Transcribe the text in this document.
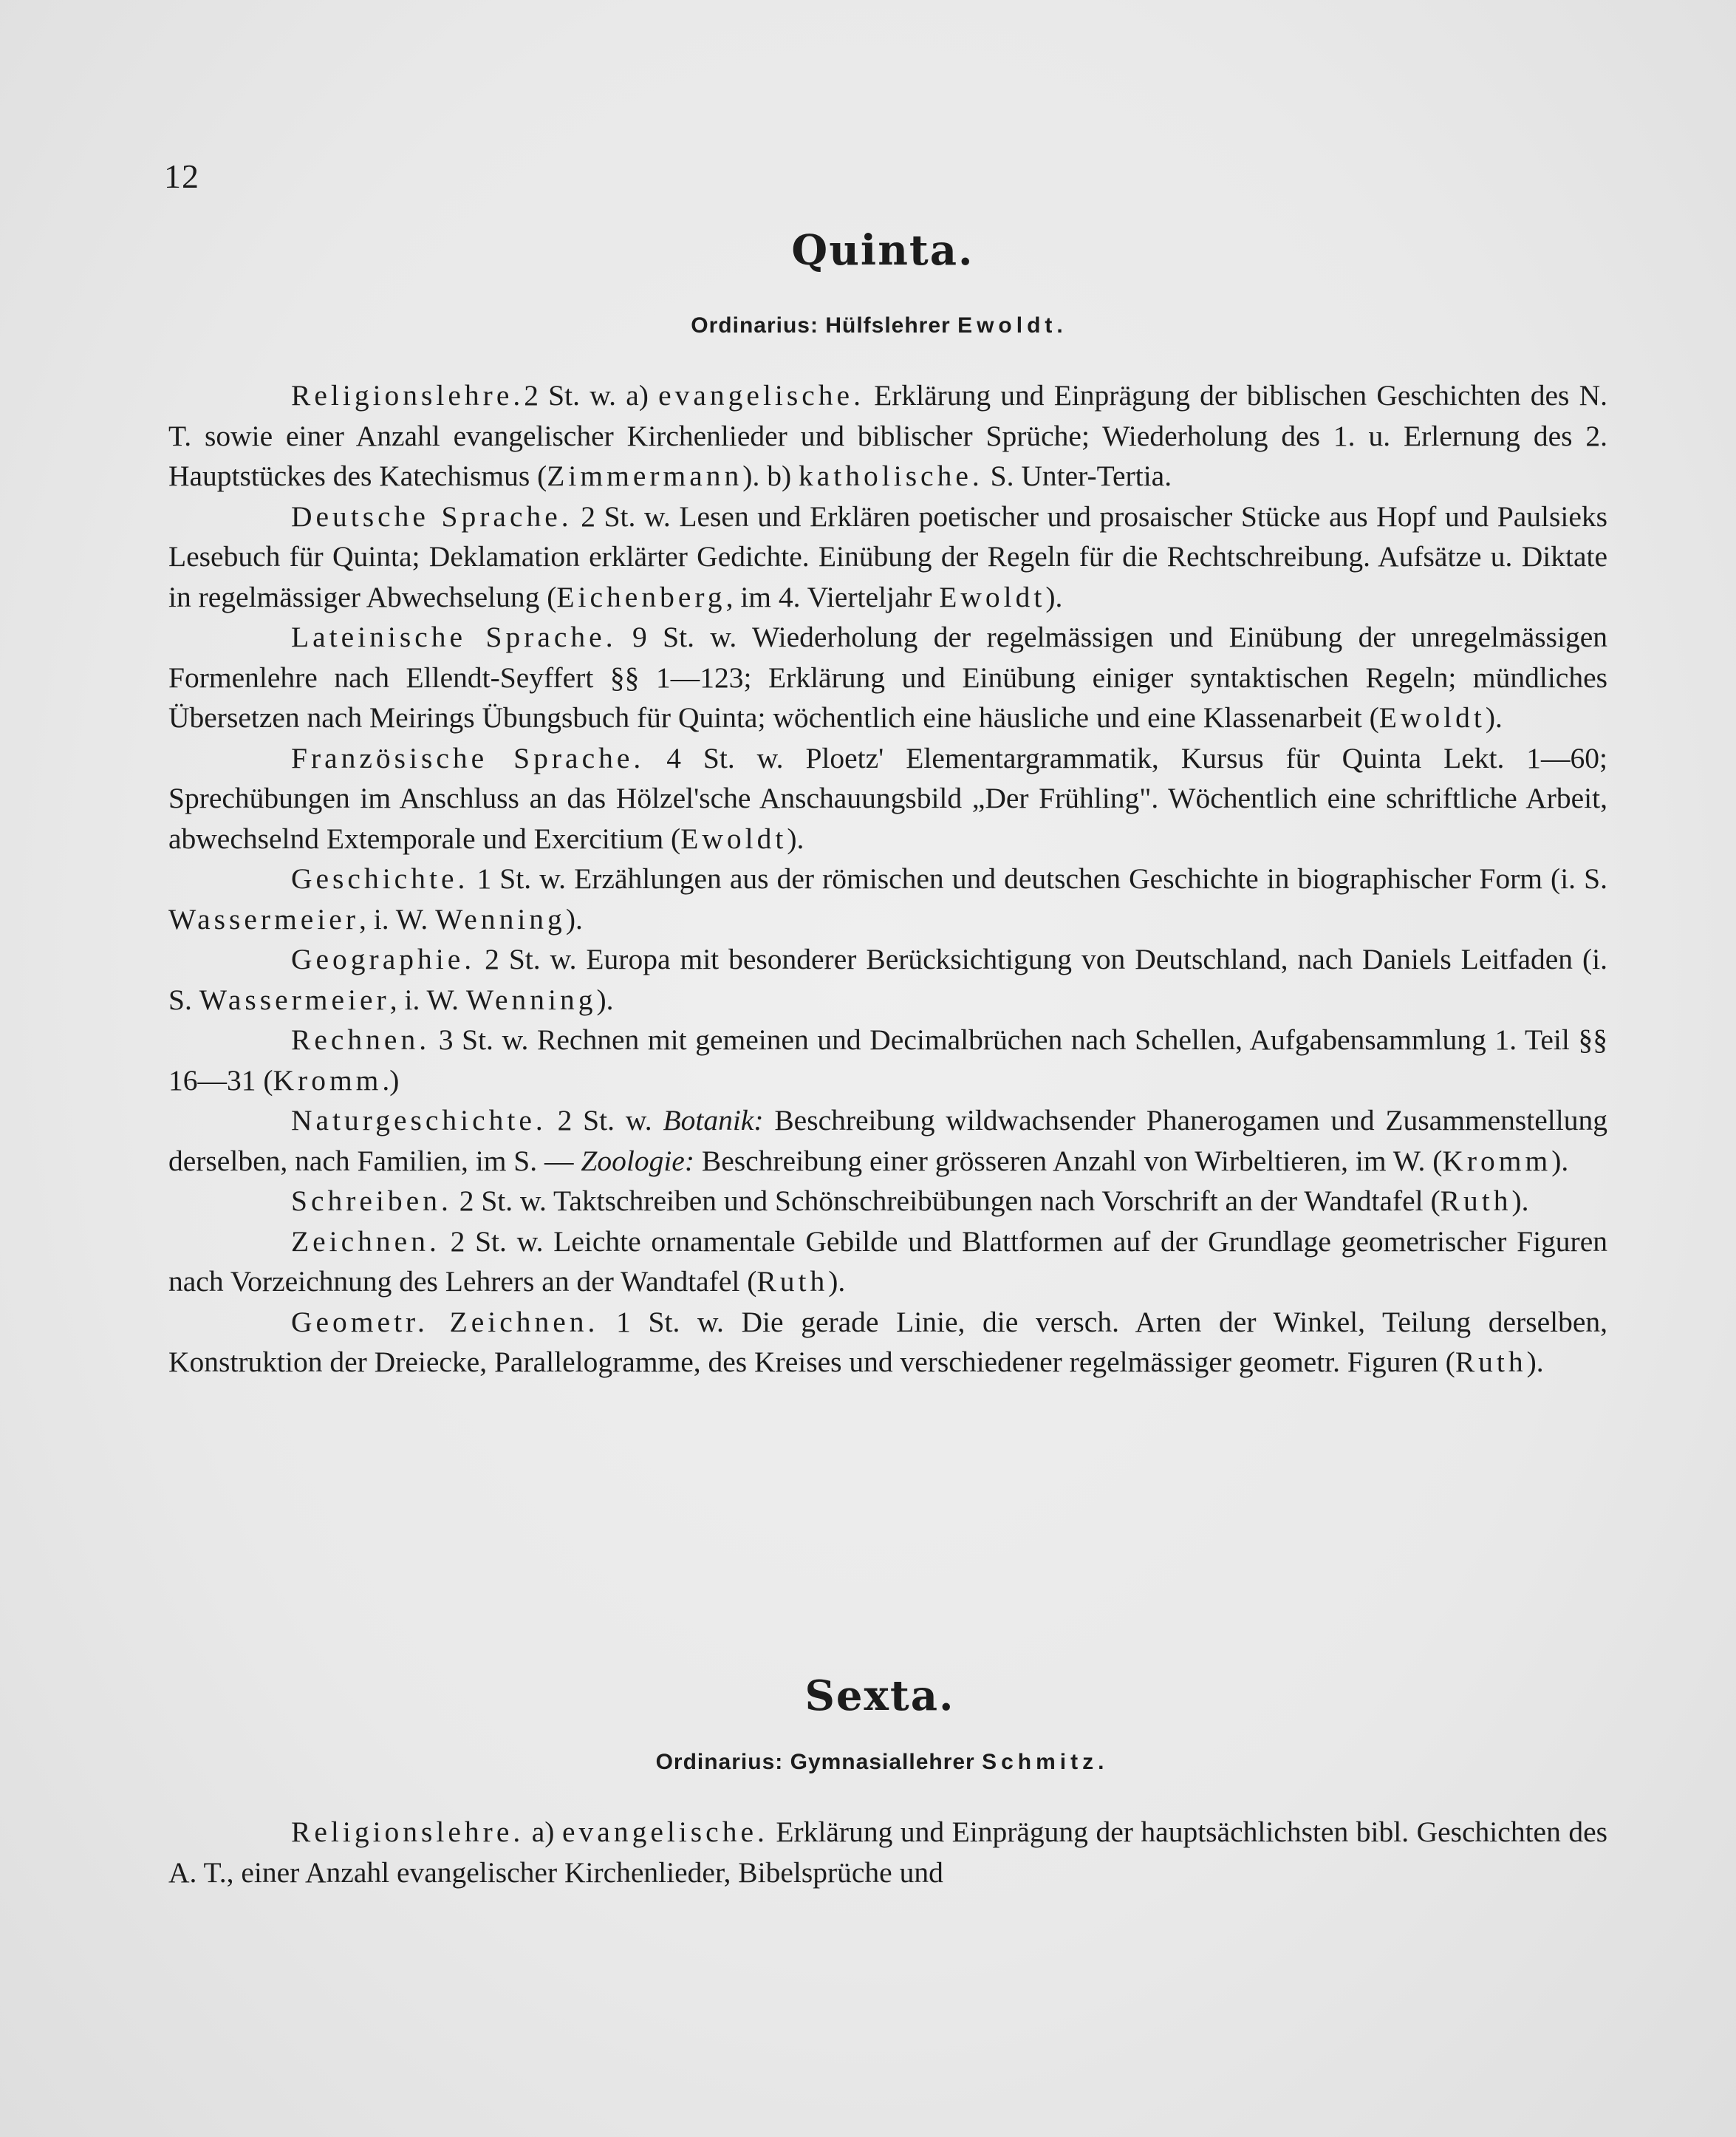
12
Quinta.
Ordinarius: Hülfslehrer Ewoldt.

Religionslehre.2 St. w. a) evangelische. Erklärung und Einprägung der biblischen Geschichten des N. T. sowie einer Anzahl evangelischer Kirchenlieder und biblischer Sprüche; Wiederholung des 1. u. Erlernung des 2. Hauptstückes des Katechismus (Zimmermann). b) katholische. S. Unter-Tertia.

Deutsche Sprache. 2 St. w. Lesen und Erklären poetischer und prosaischer Stücke aus Hopf und Paulsieks Lesebuch für Quinta; Deklamation erklärter Gedichte. Einübung der Regeln für die Rechtschreibung. Aufsätze u. Diktate in regelmässiger Abwechselung (Eichenberg, im 4. Vierteljahr Ewoldt).

Lateinische Sprache. 9 St. w. Wiederholung der regelmässigen und Einübung der unregelmässigen Formenlehre nach Ellendt-Seyffert §§ 1—123; Erklärung und Einübung einiger syntaktischen Regeln; mündliches Übersetzen nach Meirings Übungsbuch für Quinta; wöchentlich eine häusliche und eine Klassenarbeit (Ewoldt).

Französische Sprache. 4 St. w. Ploetz' Elementargrammatik, Kursus für Quinta Lekt. 1—60; Sprechübungen im Anschluss an das Hölzel'sche Anschauungsbild „Der Frühling". Wöchentlich eine schriftliche Arbeit, abwechselnd Extemporale und Exercitium (Ewoldt).

Geschichte. 1 St. w. Erzählungen aus der römischen und deutschen Geschichte in biographischer Form (i. S. Wassermeier, i. W. Wenning).

Geographie. 2 St. w. Europa mit besonderer Berücksichtigung von Deutschland, nach Daniels Leitfaden (i. S. Wassermeier, i. W. Wenning).

Rechnen. 3 St. w. Rechnen mit gemeinen und Decimalbrüchen nach Schellen, Aufgabensammlung 1. Teil §§ 16—31 (Kromm.)

Naturgeschichte. 2 St. w. Botanik: Beschreibung wildwachsender Phanerogamen und Zusammenstellung derselben, nach Familien, im S. — Zoologie: Beschreibung einer grösseren Anzahl von Wirbeltieren, im W. (Kromm).

Schreiben. 2 St. w. Taktschreiben und Schönschreibübungen nach Vorschrift an der Wandtafel (Ruth).

Zeichnen. 2 St. w. Leichte ornamentale Gebilde und Blattformen auf der Grundlage geometrischer Figuren nach Vorzeichnung des Lehrers an der Wandtafel (Ruth).

Geometr. Zeichnen. 1 St. w. Die gerade Linie, die versch. Arten der Winkel, Teilung derselben, Konstruktion der Dreiecke, Parallelogramme, des Kreises und verschiedener regelmässiger geometr. Figuren (Ruth).

Sexta.
Ordinarius: Gymnasiallehrer Schmitz.

Religionslehre. a) evangelische. Erklärung und Einprägung der hauptsächlichsten bibl. Geschichten des A. T., einer Anzahl evangelischer Kirchenlieder, Bibelsprüche und
